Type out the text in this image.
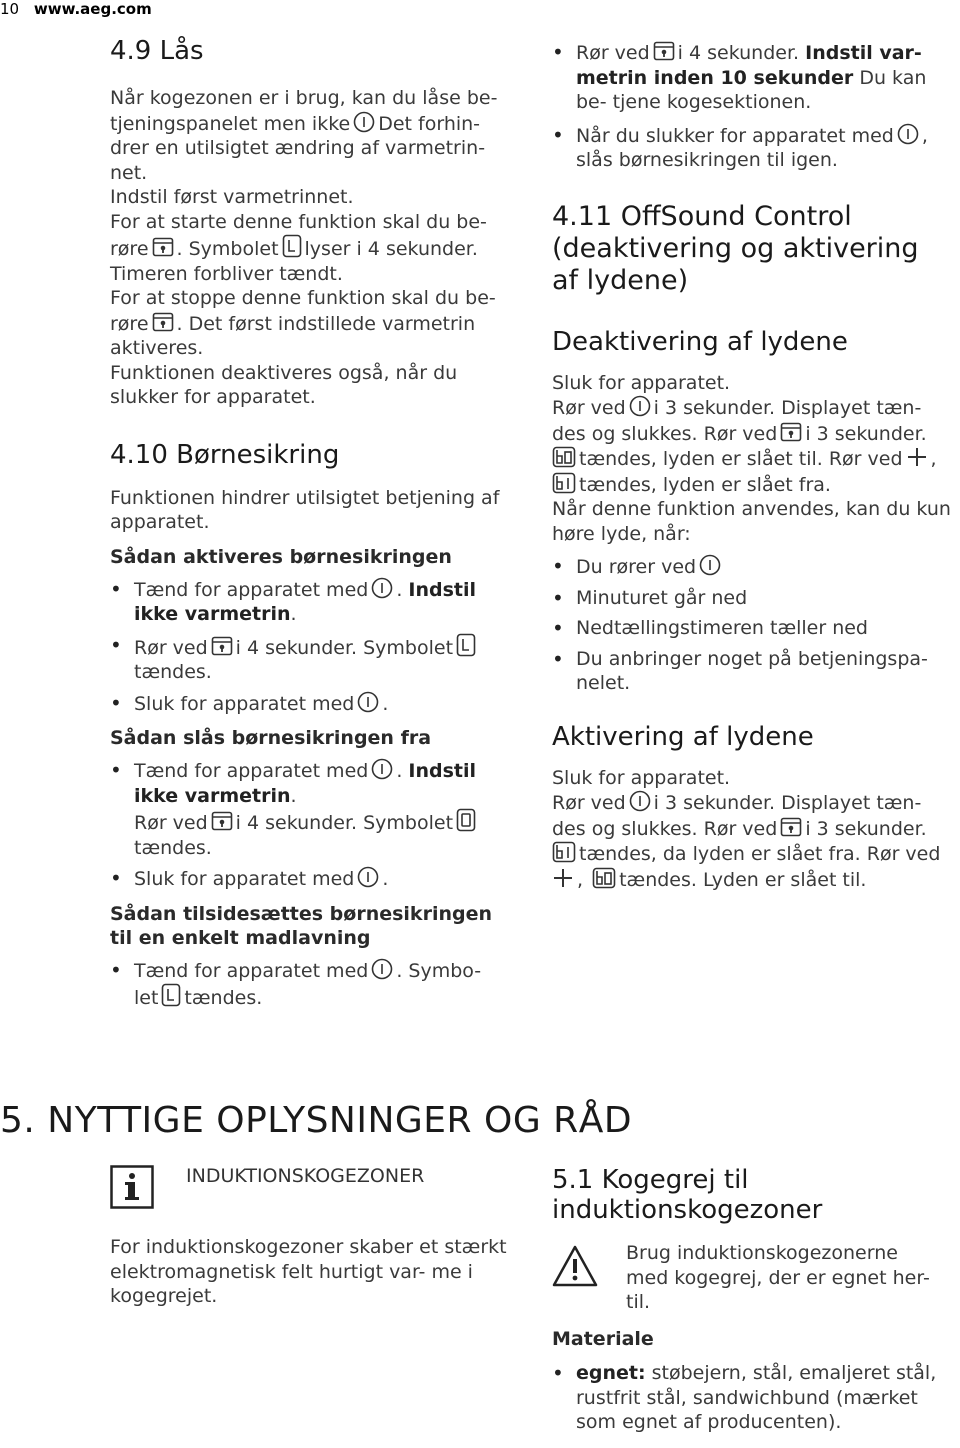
10 www.aeg.com
4.9 Lås

Når kogezonen er i brug, kan du låse be-

tjeningspanelet men ikke Det forhin-

drer en utilsigtet ændring af varmetrin-

net.

Indstil først varmetrinnet.

For at starte denne funktion skal du be-

røre . Symbolet lyser i 4 sekunder.

Timeren forbliver tændt.

For at stoppe denne funktion skal du be-

røre . Det først indstillede varmetrin

aktiveres.

Funktionen deaktiveres også, når du

slukker for apparatet.

4.10 Børnesikring

Funktionen hindrer utilsigtet betjening af

apparatet.

Sådan aktiveres børnesikringen
• Tænd for apparatet med . Indstil ikke varmetrin.
• Rør ved i 4 sekunder. Symbolet
tændes.
• Sluk for apparatet med .
Sådan slås børnesikringen fra
• Tænd for apparatet med . Indstil ikke varmetrin.
Rør ved i 4 sekunder. Symbolet
tændes.
• Sluk for apparatet med .
Sådan tilsidesættes børnesikringen til en enkelt madlavning
• Tænd for apparatet med . Symbo-
let tændes.
• Rør ved i 4 sekunder. Indstil var- metrin inden 10 sekunder Du kan be- tjene kogesektionen.
• Når du slukker for apparatet med , slås børnesikringen til igen.
4.11 OffSound Control (deaktivering og aktivering af lydene)
Deaktivering af lydene

Sluk for apparatet.

Rør ved i 3 sekunder. Displayet tæn-

des og slukkes. Rør ved i 3 sekunder.

tændes, lyden er slået til. Rør ved ,

tændes, lyden er slået fra.

Når denne funktion anvendes, kan du kun høre lyde, når:

• Du rører ved
• Minuturet går ned
• Nedtællingstimeren tæller ned
• Du anbringer noget på betjeningspa- nelet.
Aktivering af lydene

Sluk for apparatet.

Rør ved i 3 sekunder. Displayet tæn-

des og slukkes. Rør ved i 3 sekunder.

tændes, da lyden er slået fra. Rør ved

,
tændes. Lyden er slået til.

5. NYTTIGE OPLYSNINGER OG RÅD
INDUKTIONSKOGEZONER

For induktionskogezoner skaber et stærkt elektromagnetisk felt hurtigt var- me i kogegrejet.

5.1 Kogegrej til induktionskogezoner

Brug induktionskogezonerne med kogegrej, der er egnet her- til.

Materiale
• egnet: støbejern, stål, emaljeret stål, rustfrit stål, sandwichbund (mærket som egnet af producenten).
